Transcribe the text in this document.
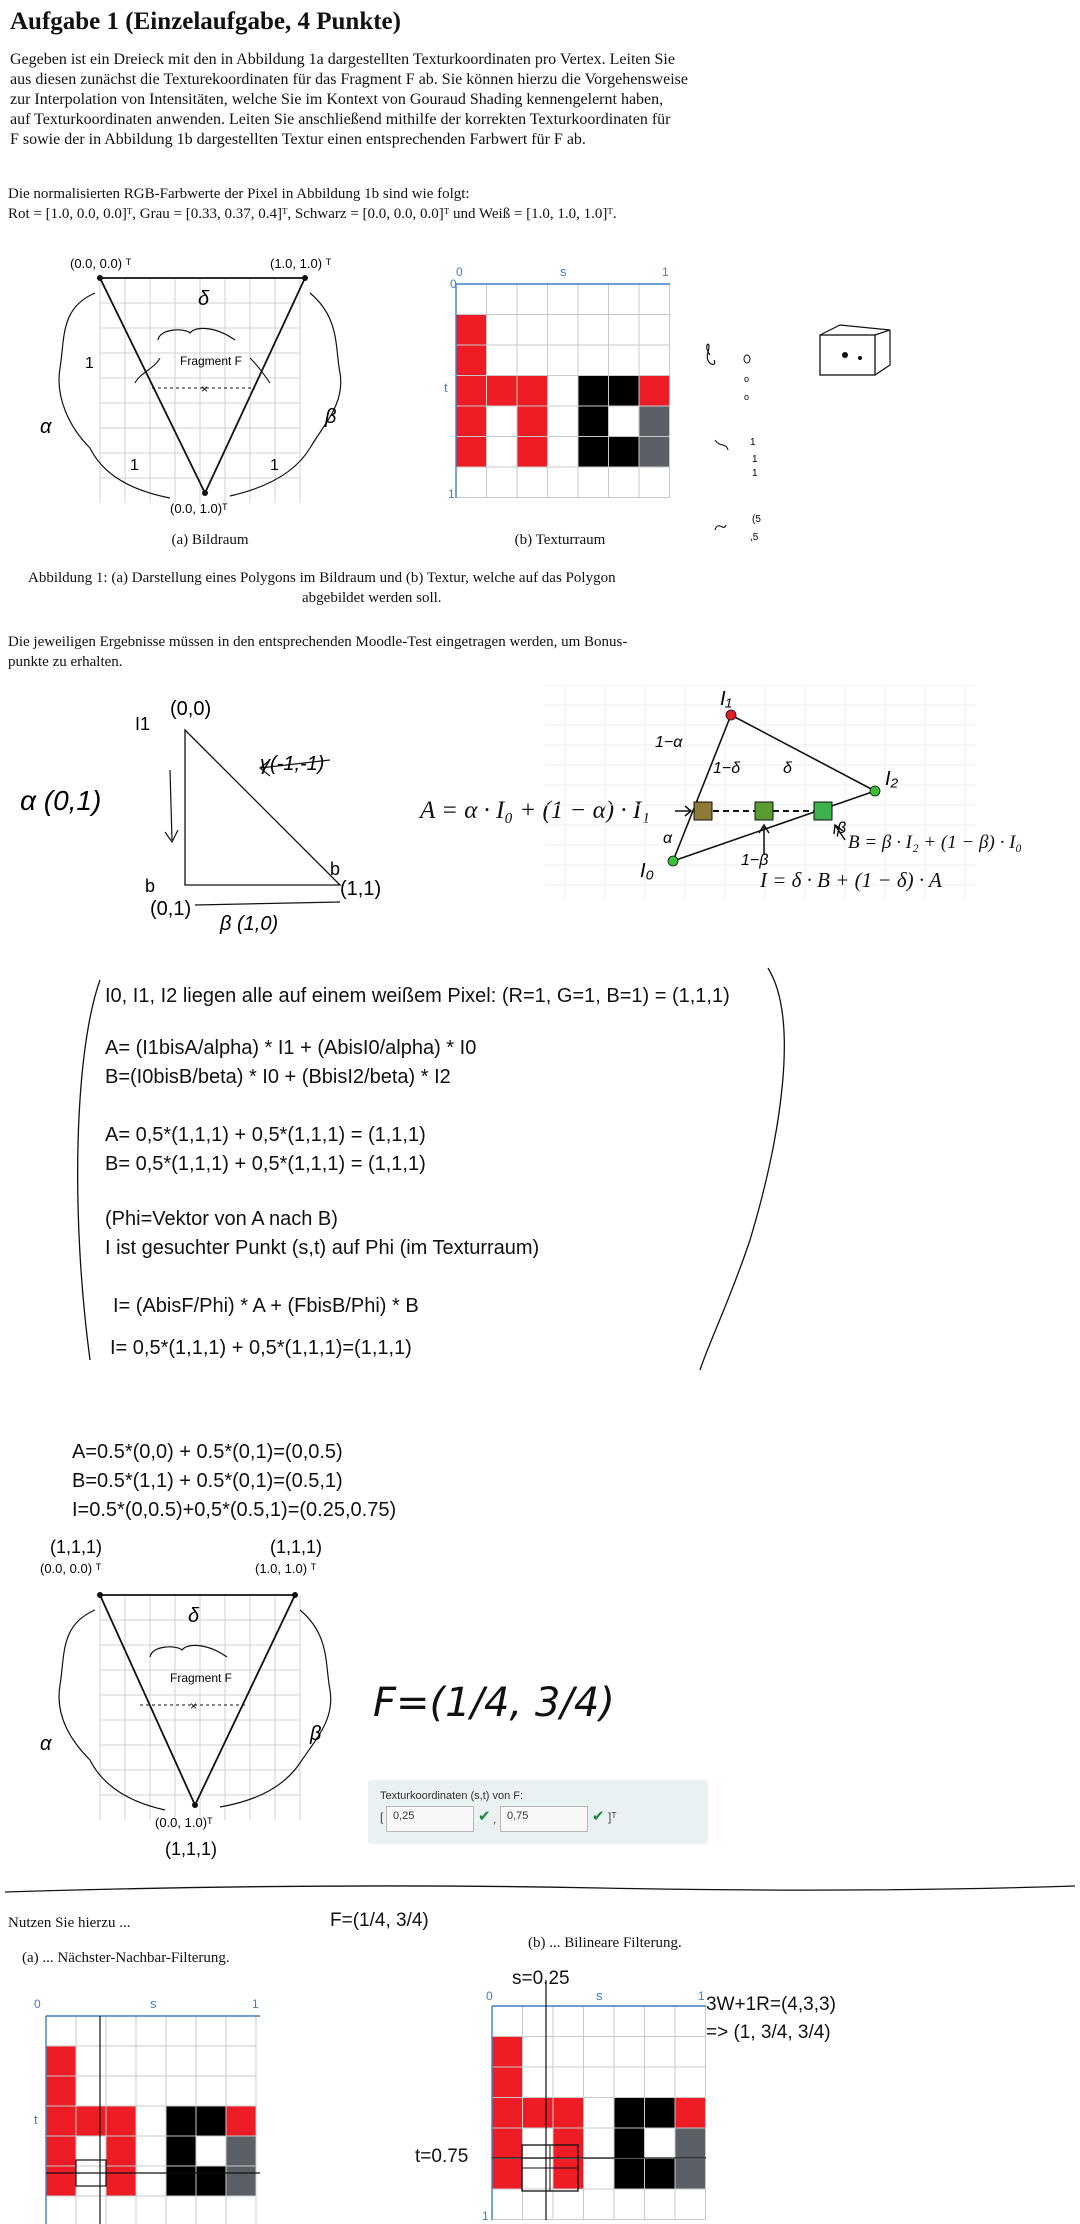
Aufgabe 1 (Einzelaufgabe, 4 Punkte)
Gegeben ist ein Dreieck mit den in Abbildung 1a dargestellten Texturkoordinaten pro Vertex. Leiten Sie
aus diesen zunächst die Texturekoordinaten für das Fragment F ab. Sie können hierzu die Vorgehensweise
zur Interpolation von Intensitäten, welche Sie im Kontext von Gouraud Shading kennengelernt haben,
auf Texturkoordinaten anwenden. Leiten Sie anschließend mithilfe der korrekten Texturkoordinaten für
F sowie der in Abbildung 1b dargestellten Textur einen entsprechenden Farbwert für F ab.
Die normalisierten RGB-Farbwerte der Pixel in Abbildung 1b sind wie folgt:
Rot = [1.0, 0.0, 0.0]ᵀ, Grau = [0.33, 0.37, 0.4]ᵀ, Schwarz = [0.0, 0.0, 0.0]ᵀ und Weiß = [1.0, 1.0, 1.0]ᵀ.
×
α	β
δ
1
1	1
Fragment F
(0.0, 0.0) ᵀ	(1.0, 1.0) ᵀ
(0.0, 1.0)ᵀ
(a) Bildraum
0
0	1
1
s
t
(b) Texturraum
o
o
1
1
1
(5
,5
Abbildung 1: (a) Darstellung eines Polygons im Bildraum und (b) Textur, welche auf das Polygon
abgebildet werden soll.
Die jeweiligen Ergebnisse müssen in den entsprechenden Moodle-Test eingetragen werden, um Bonus-
punkte zu erhalten.
I1
(0,0)
α (0,1)
γ(-1,-1)
b
b
(1,1)
(0,1)
β (1,0)
A = α · I₀ + (1 − α) · I₁
I₁
I₂
I₀
1−α
1−δ	δ
α
1−β
β
B = β · I₂ + (1 − β) · I₀
I = δ · B + (1 − δ) · A
I0, I1, I2 liegen alle auf einem weißem Pixel: (R=1, G=1, B=1) = (1,1,1)
A= (I1bisA/alpha) * I1 + (AbisI0/alpha) * I0
B=(I0bisB/beta) * I0 + (BbisI2/beta) * I2
A= 0,5*(1,1,1) + 0,5*(1,1,1) = (1,1,1)
B= 0,5*(1,1,1) + 0,5*(1,1,1) = (1,1,1)
(Phi=Vektor von A nach B)
I ist gesuchter Punkt (s,t) auf Phi (im Texturraum)
I= (AbisF/Phi) * A + (FbisB/Phi) * B
I= 0,5*(1,1,1) + 0,5*(1,1,1)=(1,1,1)
A=0.5*(0,0) + 0.5*(0,1)=(0,0.5)
B=0.5*(1,1) + 0.5*(0,1)=(0.5,1)
I=0.5*(0,0.5)+0,5*(0.5,1)=(0.25,0.75)
×
α	β
δ
Fragment F
(0.0, 0.0) ᵀ	(1.0, 1.0) ᵀ
(0.0, 1.0)ᵀ
(1,1,1)	(1,1,1)
(1,1,1)
F=(1/4, 3/4)
Texturkoordinaten (s,t) von F:
[ 0,25	✔ , 0,75	✔ ]ᵀ
Nutzen Sie hierzu ...	F=(1/4, 3/4)
(a) ... Nächster-Nachbar-Filterung.
(b) ... Bilineare Filterung.
0	1
s
t
s=0.25
t=0.75
3W+1R=(4,3,3)
=> (1, 3/4, 3/4)
0	1
s
1
